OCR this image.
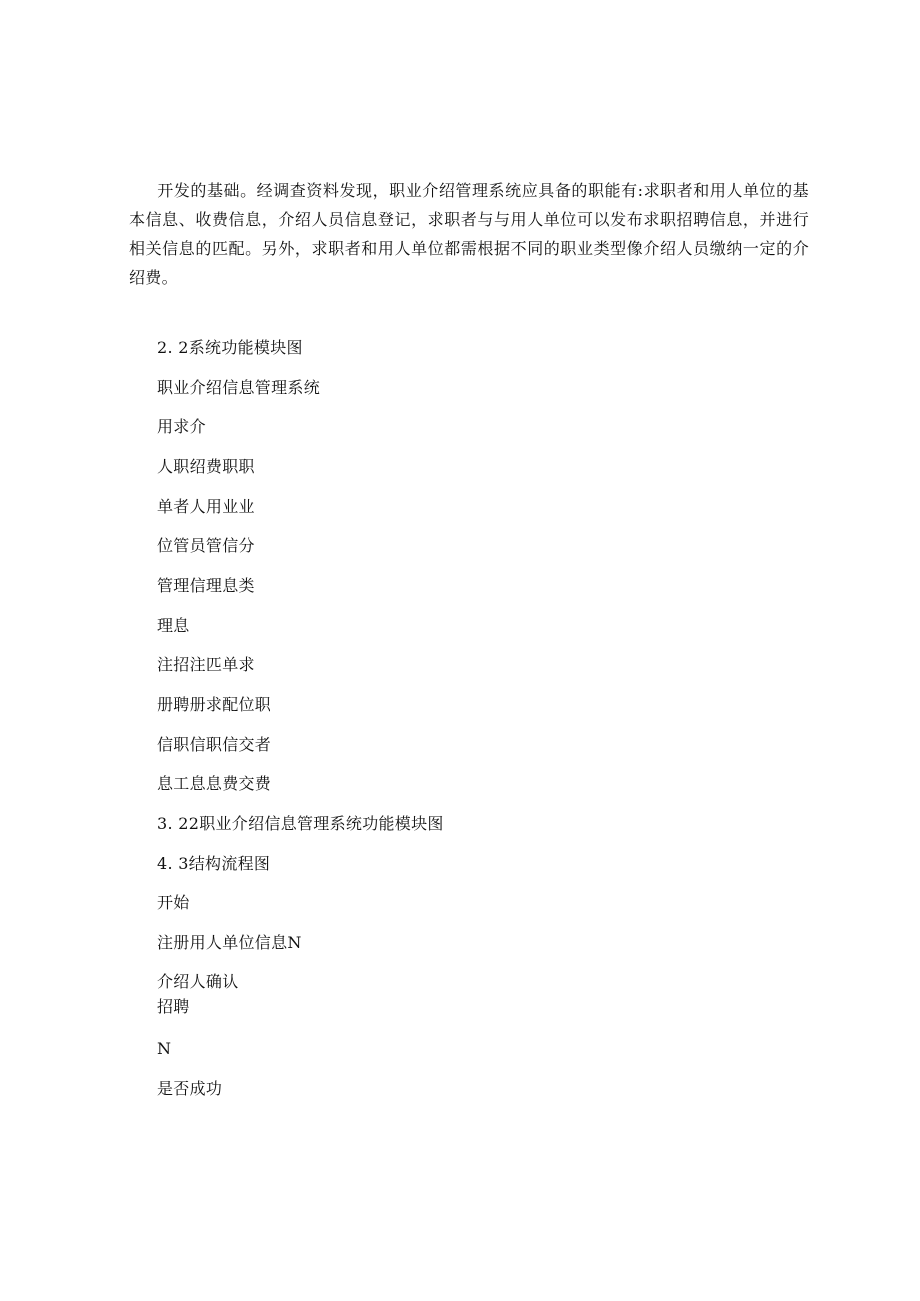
开发的基础。经调查资料发现，职业介绍管理系统应具备的职能有:求职者和用人单位的基本信息、收费信息，介绍人员信息登记，求职者与与用人单位可以发布求职招聘信息，并进行相关信息的匹配。另外，求职者和用人单位都需根据不同的职业类型像介绍人员缴纳一定的介绍费。

2. 2系统功能模块图

职业介绍信息管理系统

用求介

人职绍费职职

单者人用业业

位管员管信分

管理信理息类

理息

注招注匹单求

册聘册求配位职

信职信职信交者

息工息息费交费

3. 22职业介绍信息管理系统功能模块图

4. 3结构流程图

开始

注册用人单位信息N

介绍人确认

招聘

N

是否成功
